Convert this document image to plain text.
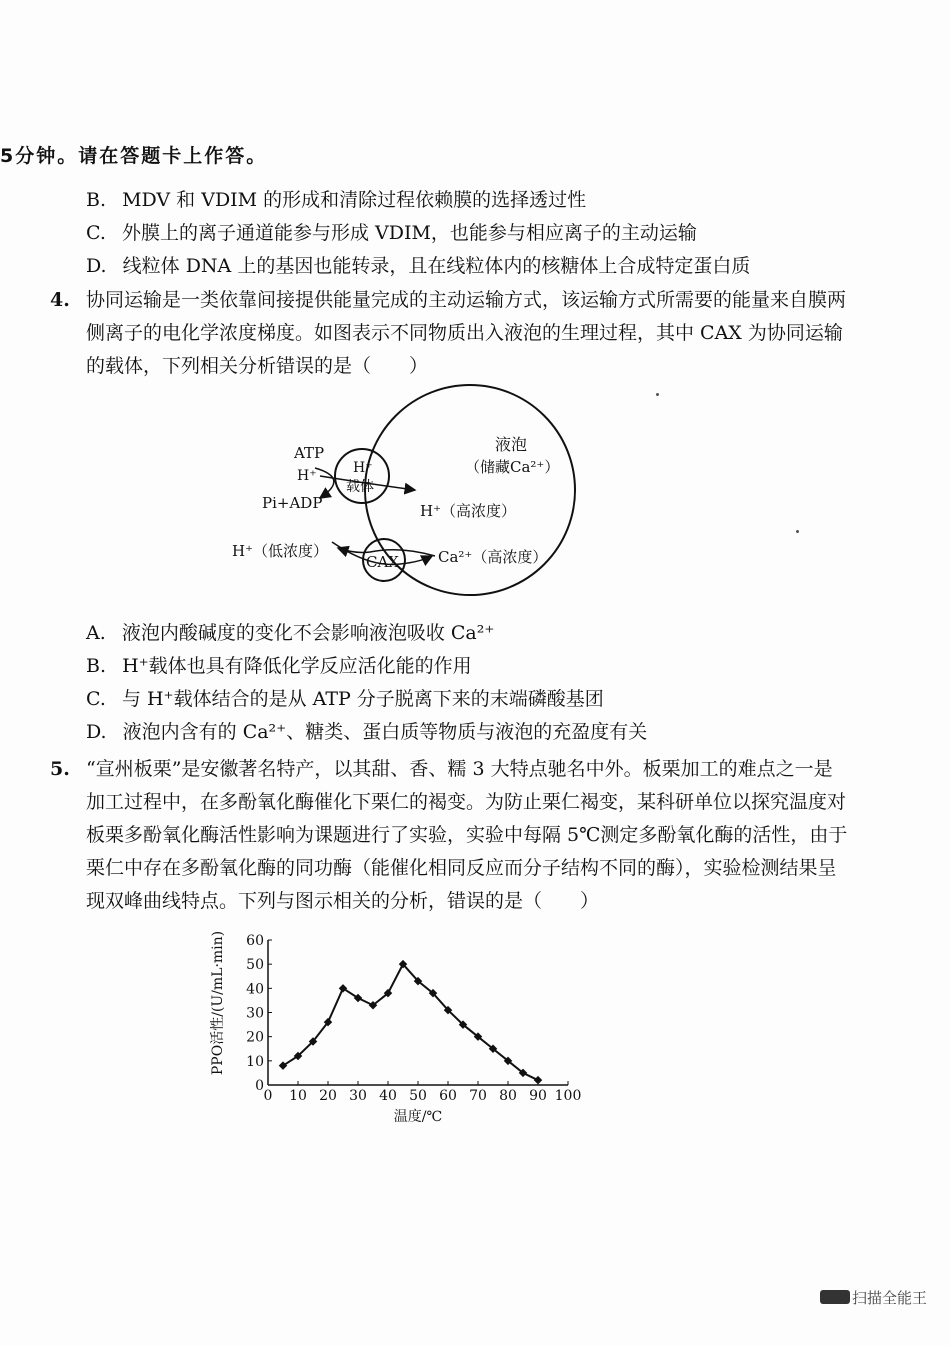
5分钟。请在答题卡上作答。
B. MDV 和 VDIM 的形成和清除过程依赖膜的选择透过性
C. 外膜上的离子通道能参与形成 VDIM，也能参与相应离子的主动运输
D. 线粒体 DNA 上的基因也能转录，且在线粒体内的核糖体上合成特定蛋白质
4. 协同运输是一类依靠间接提供能量完成的主动运输方式，该运输方式所需要的能量来自膜两
侧离子的电化学浓度梯度。如图表示不同物质出入液泡的生理过程，其中 CAX 为协同运输
的载体，下列相关分析错误的是（　　）
液泡
（储藏Ca²⁺）
ATP
H⁺	H⁺
载体
Pi+ADP	H⁺（高浓度）
H⁺（低浓度）
CAX	Ca²⁺（高浓度）
A. 液泡内酸碱度的变化不会影响液泡吸收 Ca²⁺
B. H⁺载体也具有降低化学反应活化能的作用
C. 与 H⁺载体结合的是从 ATP 分子脱离下来的末端磷酸基团
D. 液泡内含有的 Ca²⁺、糖类、蛋白质等物质与液泡的充盈度有关
5. “宣州板栗”是安徽著名特产，以其甜、香、糯 3 大特点驰名中外。板栗加工的难点之一是
加工过程中，在多酚氧化酶催化下栗仁的褐变。为防止栗仁褐变，某科研单位以探究温度对
板栗多酚氧化酶活性影响为课题进行了实验，实验中每隔 5℃测定多酚氧化酶的活性，由于
栗仁中存在多酚氧化酶的同功酶（能催化相同反应而分子结构不同的酶），实验检测结果呈
现双峰曲线特点。下列与图示相关的分析，错误的是（　　）
0 10 20 30 40 50 60 70 80 90 100
0
10
20
30
40
50
60
温度/℃
PPO活性/(U/mL·min)
扫描全能王
